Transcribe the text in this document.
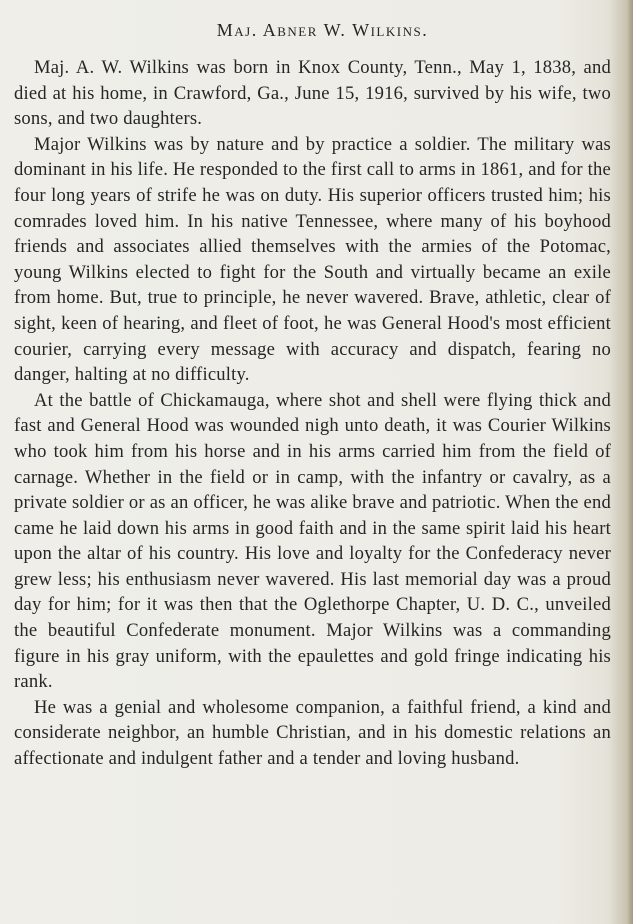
Maj. Abner W. Wilkins.

Maj. A. W. Wilkins was born in Knox County, Tenn., May 1, 1838, and died at his home, in Crawford, Ga., June 15, 1916, survived by his wife, two sons, and two daughters.

Major Wilkins was by nature and by practice a soldier. The military was dominant in his life. He responded to the first call to arms in 1861, and for the four long years of strife he was on duty. His superior officers trusted him; his comrades loved him. In his native Tennessee, where many of his boyhood friends and associates allied themselves with the armies of the Potomac, young Wilkins elected to fight for the South and virtually became an exile from home. But, true to principle, he never wavered. Brave, athletic, clear of sight, keen of hearing, and fleet of foot, he was General Hood's most efficient courier, carrying every message with accuracy and dispatch, fearing no danger, halting at no difficulty.

At the battle of Chickamauga, where shot and shell were flying thick and fast and General Hood was wounded nigh unto death, it was Courier Wilkins who took him from his horse and in his arms carried him from the field of carnage. Whether in the field or in camp, with the infantry or cavalry, as a private soldier or as an officer, he was alike brave and patriotic. When the end came he laid down his arms in good faith and in the same spirit laid his heart upon the altar of his country. His love and loyalty for the Confederacy never grew less; his enthusiasm never wavered. His last memorial day was a proud day for him; for it was then that the Oglethorpe Chapter, U. D. C., unveiled the beautiful Confederate monument. Major Wilkins was a commanding figure in his gray uniform, with the epaulettes and gold fringe indicating his rank.

He was a genial and wholesome companion, a faithful friend, a kind and considerate neighbor, an humble Christian, and in his domestic relations an affectionate and indulgent father and a tender and loving husband.
